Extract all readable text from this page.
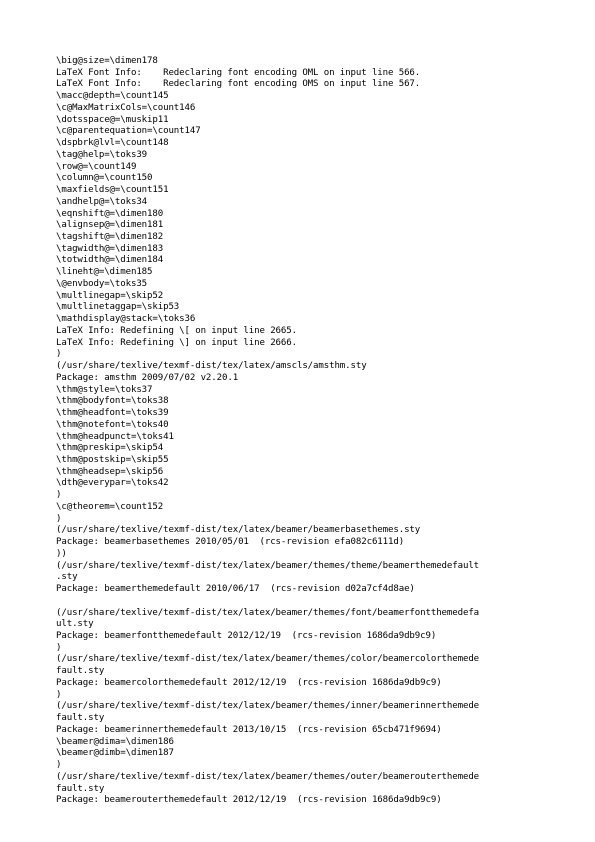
\big@size=\dimen178
LaTeX Font Info:    Redeclaring font encoding OML on input line 566.
LaTeX Font Info:    Redeclaring font encoding OMS on input line 567.
\macc@depth=\count145
\c@MaxMatrixCols=\count146
\dotsspace@=\muskip11
\c@parentequation=\count147
\dspbrk@lvl=\count148
\tag@help=\toks39
\row@=\count149
\column@=\count150
\maxfields@=\count151
\andhelp@=\toks34
\eqnshift@=\dimen180
\alignsep@=\dimen181
\tagshift@=\dimen182
\tagwidth@=\dimen183
\totwidth@=\dimen184
\lineht@=\dimen185
\@envbody=\toks35
\multlinegap=\skip52
\multlinetaggap=\skip53
\mathdisplay@stack=\toks36
LaTeX Info: Redefining \[ on input line 2665.
LaTeX Info: Redefining \] on input line 2666.
)
(/usr/share/texlive/texmf-dist/tex/latex/amscls/amsthm.sty
Package: amsthm 2009/07/02 v2.20.1
\thm@style=\toks37
\thm@bodyfont=\toks38
\thm@headfont=\toks39
\thm@notefont=\toks40
\thm@headpunct=\toks41
\thm@preskip=\skip54
\thm@postskip=\skip55
\thm@headsep=\skip56
\dth@everypar=\toks42
)
\c@theorem=\count152
)
(/usr/share/texlive/texmf-dist/tex/latex/beamer/beamerbasethemes.sty
Package: beamerbasethemes 2010/05/01  (rcs-revision efa082c6111d)
))
(/usr/share/texlive/texmf-dist/tex/latex/beamer/themes/theme/beamerthemedefault
.sty
Package: beamerthemedefault 2010/06/17  (rcs-revision d02a7cf4d8ae)
(/usr/share/texlive/texmf-dist/tex/latex/beamer/themes/font/beamerfontthemedefa
ult.sty
Package: beamerfontthemedefault 2012/12/19  (rcs-revision 1686da9db9c9)
)
(/usr/share/texlive/texmf-dist/tex/latex/beamer/themes/color/beamercolorthemede
fault.sty
Package: beamercolorthemedefault 2012/12/19  (rcs-revision 1686da9db9c9)
)
(/usr/share/texlive/texmf-dist/tex/latex/beamer/themes/inner/beamerinnerthemede
fault.sty
Package: beamerinnerthemedefault 2013/10/15  (rcs-revision 65cb471f9694)
\beamer@dima=\dimen186
\beamer@dimb=\dimen187
)
(/usr/share/texlive/texmf-dist/tex/latex/beamer/themes/outer/beamerouterthemede
fault.sty
Package: beamerouterthemedefault 2012/12/19  (rcs-revision 1686da9db9c9)
